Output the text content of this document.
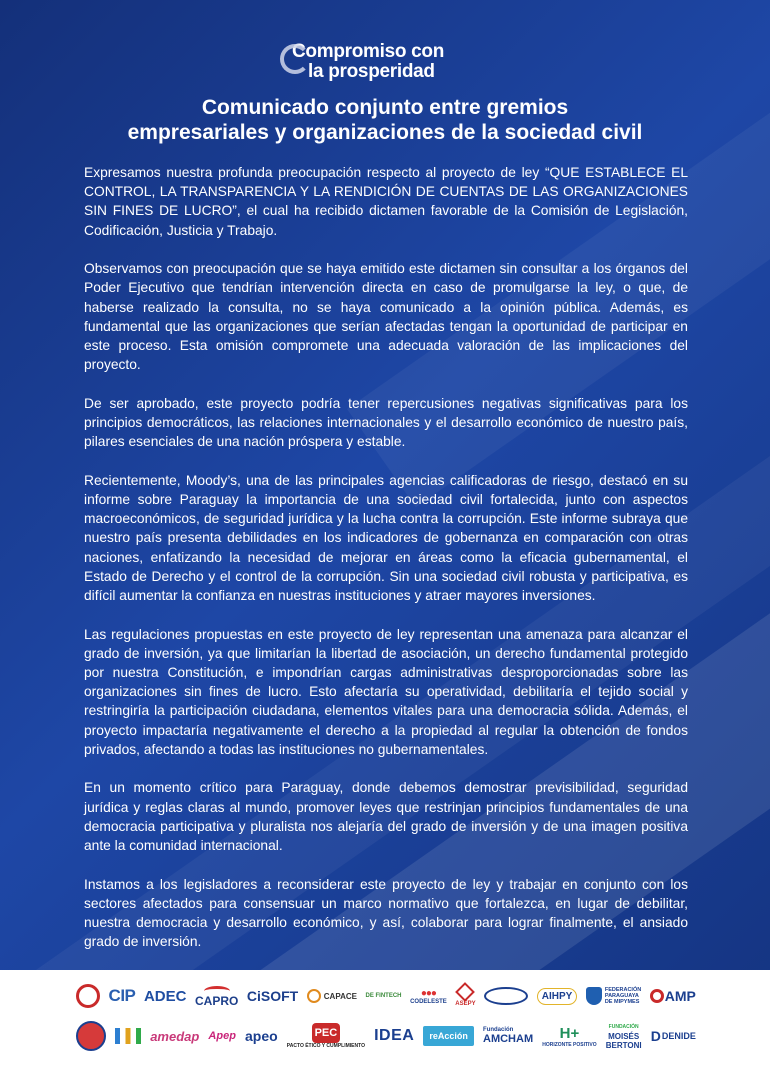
Compromiso con
la prosperidad
Comunicado conjunto entre gremios
empresariales y organizaciones de la sociedad civil

Expresamos nuestra profunda preocupación respecto al proyecto de ley “QUE ESTABLECE EL CONTROL, LA TRANSPARENCIA Y LA RENDICIÓN DE CUENTAS DE LAS ORGANIZACIONES SIN FINES DE LUCRO”, el cual ha recibido dictamen favorable de la Comisión de Legislación, Codificación, Justicia y Trabajo.

Observamos con preocupación que se haya emitido este dictamen sin consultar a los órganos del Poder Ejecutivo que tendrían intervención directa en caso de promulgarse la ley, o que, de haberse realizado la consulta, no se haya comunicado a la opinión pública. Además, es fundamental que las organizaciones que serían afectadas tengan la oportunidad de participar en este proceso. Esta omisión compromete una adecuada valoración de las implicaciones del proyecto.

De ser aprobado, este proyecto podría tener repercusiones negativas significativas para los principios democráticos, las relaciones internacionales y el desarrollo económico de nuestro país, pilares esenciales de una nación próspera y estable.

Recientemente, Moody’s, una de las principales agencias calificadoras de riesgo, destacó en su informe sobre Paraguay la importancia de una sociedad civil fortalecida, junto con aspectos macroeconómicos, de seguridad jurídica y la lucha contra la corrupción. Este informe subraya que nuestro país presenta debilidades en los indicadores de gobernanza en comparación con otras naciones, enfatizando la necesidad de mejorar en áreas como la eficacia gubernamental, el Estado de Derecho y el control de la corrupción. Sin una sociedad civil robusta y participativa, es difícil aumentar la confianza en nuestras instituciones y atraer mayores inversiones.

Las regulaciones propuestas en este proyecto de ley representan una amenaza para alcanzar el grado de inversión, ya que limitarían la libertad de asociación, un derecho fundamental protegido por nuestra Constitución, e impondrían cargas administrativas desproporcionadas sobre las organizaciones sin fines de lucro. Esto afectaría su operatividad, debilitaría el tejido social y restringiría la participación ciudadana, elementos vitales para una democracia sólida. Además, el proyecto impactaría negativamente el derecho a la propiedad al regular la obtención de fondos privados, afectando a todas las instituciones no gubernamentales.

En un momento crítico para Paraguay, donde debemos demostrar previsibilidad, seguridad jurídica y reglas claras al mundo, promover leyes que restrinjan principios fundamentales de una democracia participativa y pluralista nos alejaría del grado de inversión y de una imagen positiva ante la comunidad internacional.

Instamos a los legisladores a reconsiderar este proyecto de ley y trabajar en conjunto con los sectores afectados para consensuar un marco normativo que fortalezca, en lugar de debilitar, nuestra democracia y desarrollo económico, y así, colaborar para lograr finalmente, el ansiado grado de inversión.

CIP ADEC CAPRO CiSOFT	CAPACE DE FINTECH ●●●
CODELESTE ASEPY
AIHPY
FEDERACIÓN
PARAGUAYA
DE MIPYMES AMP
amedap Apep apeo	PEC
PACTO ÉTICO Y CUMPLIMIENTO
IDEA	reAcción
Fundación
AMCHAM H+
HORIZONTE POSITIVO
FUNDACIÓN
MOISÉS
BERTONI
D DENIDE
